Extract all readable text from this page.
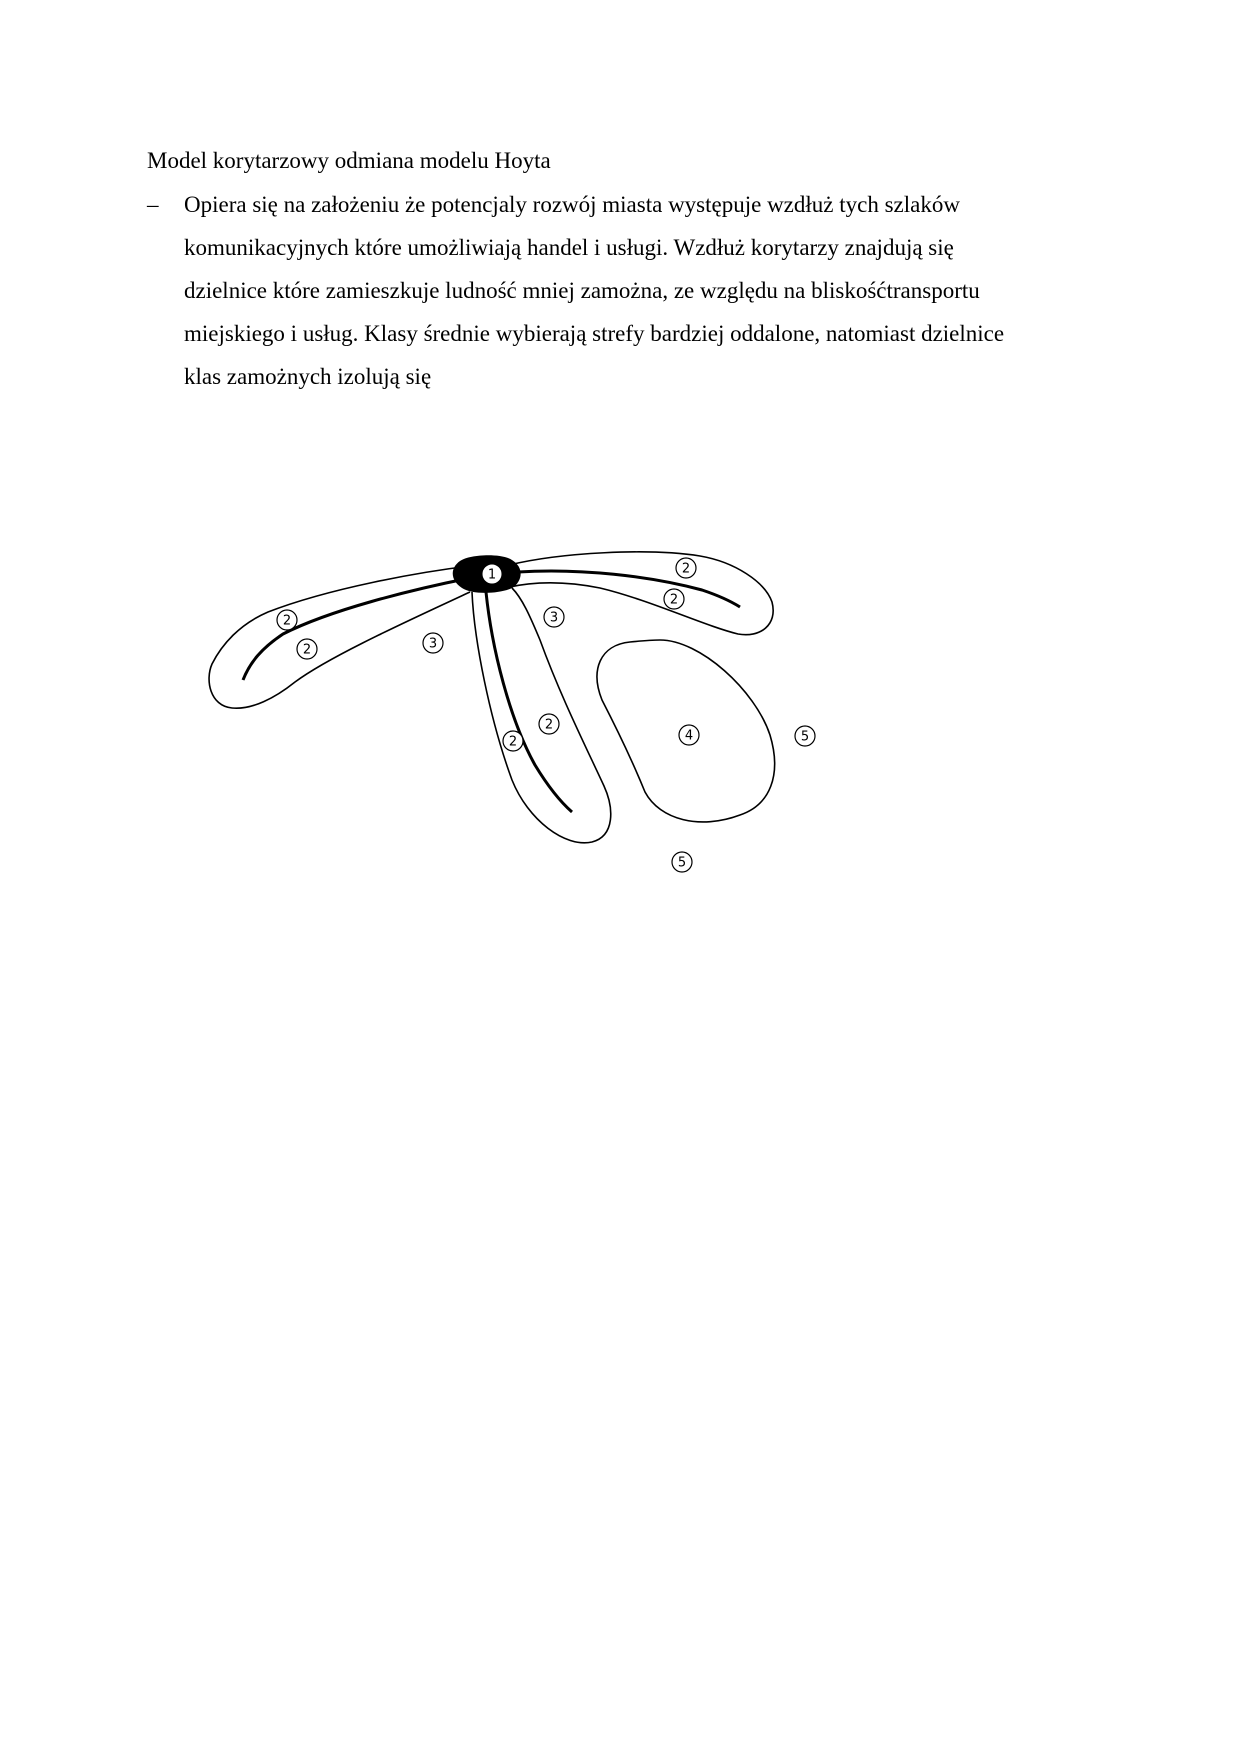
Model korytarzowy odmiana modelu Hoyta
– Opiera się na założeniu że potencjaly rozwój miasta występuje wzdłuż tych szlaków
komunikacyjnych które umożliwiają handel i usługi. Wzdłuż korytarzy znajdują się
dzielnice które zamieszkuje ludność mniej zamożna, ze względu na bliskośćtransportu
miejskiego i usług. Klasy średnie wybierają strefy bardziej oddalone, natomiast dzielnice
klas zamożnych izolują się
1
2
2
2
2
2
2
3
3
4	5
5
